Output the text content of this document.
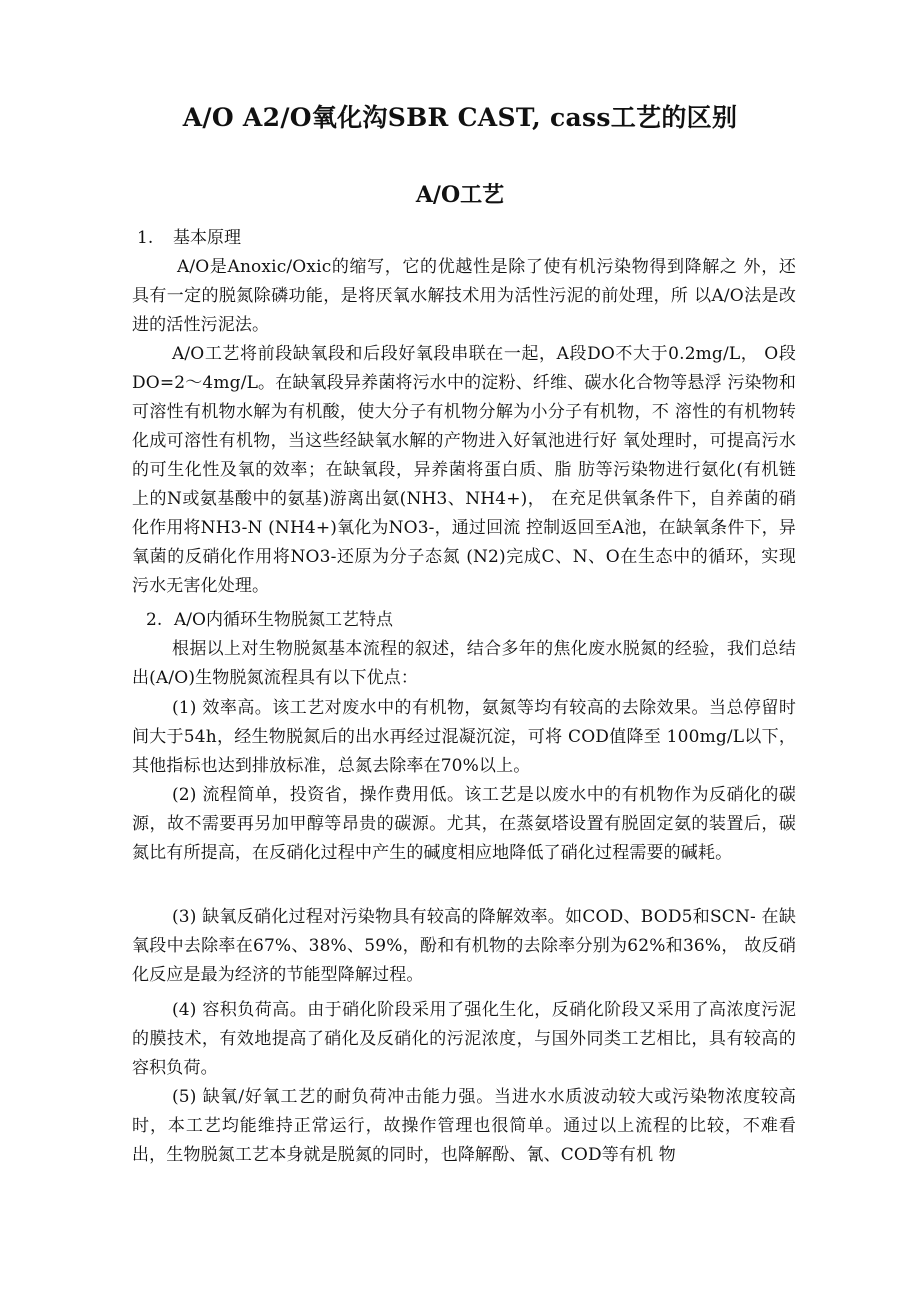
A/O A2/O氧化沟SBR CAST, cass工艺的区别
A/O工艺
1. 基本原理
A/O是Anoxic/Oxic的缩写，它的优越性是除了使有机污染物得到降解之 外，还具有一定的脱氮除磷功能，是将厌氧水解技术用为活性污泥的前处理，所 以A/O法是改进的活性污泥法。
A/O工艺将前段缺氧段和后段好氧段串联在一起，A段DO不大于0.2mg/L， O段DO=2～4mg/L。在缺氧段异养菌将污水中的淀粉、纤维、碳水化合物等悬浮 污染物和可溶性有机物水解为有机酸，使大分子有机物分解为小分子有机物，不 溶性的有机物转化成可溶性有机物，当这些经缺氧水解的产物进入好氧池进行好 氧处理时，可提高污水的可生化性及氧的效率；在缺氧段，异养菌将蛋白质、脂 肪等污染物进行氨化(有机链上的N或氨基酸中的氨基)游离出氨(NH3、NH4+)， 在充足供氧条件下，自养菌的硝化作用将NH3-N (NH4+)氧化为NO3-，通过回流 控制返回至A池，在缺氧条件下，异氧菌的反硝化作用将NO3-还原为分子态氮 (N2)完成C、N、O在生态中的循环，实现污水无害化处理。
2. A/O内循环生物脱氮工艺特点
根据以上对生物脱氮基本流程的叙述，结合多年的焦化废水脱氮的经验，我们总结出(A/O)生物脱氮流程具有以下优点：
(1) 效率高。该工艺对废水中的有机物，氨氮等均有较高的去除效果。当总停留时间大于54h，经生物脱氮后的出水再经过混凝沉淀，可将 COD值降至 100mg/L以下，其他指标也达到排放标准，总氮去除率在70%以上。
(2) 流程简单，投资省，操作费用低。该工艺是以废水中的有机物作为反硝化的碳源，故不需要再另加甲醇等昂贵的碳源。尤其，在蒸氨塔设置有脱固定氨的装置后，碳氮比有所提高，在反硝化过程中产生的碱度相应地降低了硝化过程需要的碱耗。
(3) 缺氧反硝化过程对污染物具有较高的降解效率。如COD、BOD5和SCN- 在缺氧段中去除率在67%、38%、59%，酚和有机物的去除率分别为62%和36%， 故反硝化反应是最为经济的节能型降解过程。
(4) 容积负荷高。由于硝化阶段采用了强化生化，反硝化阶段又采用了高浓度污泥的膜技术，有效地提高了硝化及反硝化的污泥浓度，与国外同类工艺相比，具有较高的容积负荷。
(5) 缺氧/好氧工艺的耐负荷冲击能力强。当进水水质波动较大或污染物浓度较高时，本工艺均能维持正常运行，故操作管理也很简单。通过以上流程的比较，不难看出，生物脱氮工艺本身就是脱氮的同时，也降解酚、氰、COD等有机 物
